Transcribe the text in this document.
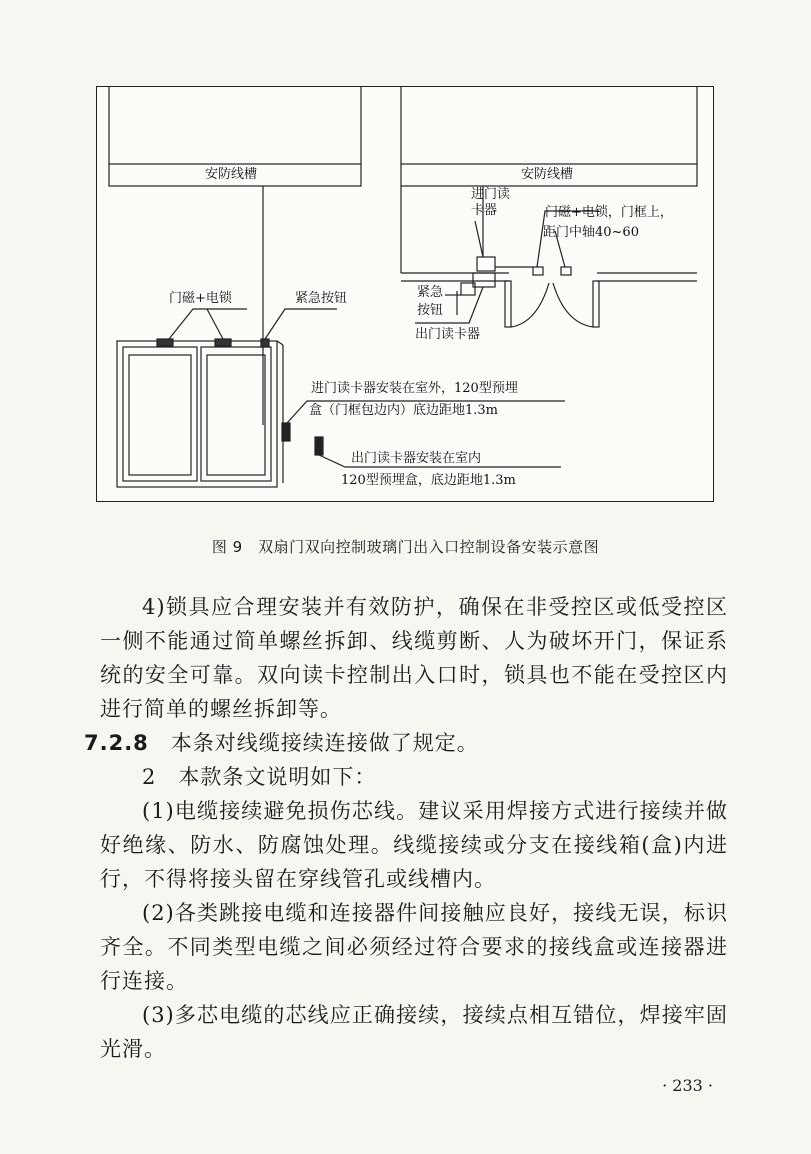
安防线槽
门磁+电锁	紧急按钮
进门读卡器安装在室外，120型预埋
盒（门框包边内）底边距地1.3m
出门读卡器安装在室内
120型预埋盒，底边距地1.3m
安防线槽
进门读
卡器	门磁+电锁，门框上，
距门中轴40~60
紧急
按钮
出门读卡器
图 9　双扇门双向控制玻璃门出入口控制设备安装示意图

4)锁具应合理安装并有效防护，确保在非受控区或低受控区一侧不能通过简单螺丝拆卸、线缆剪断、人为破坏开门，保证系统的安全可靠。双向读卡控制出入口时，锁具也不能在受控区内进行简单的螺丝拆卸等。

7.2.8　本条对线缆接续连接做了规定。

2　本款条文说明如下：

(1)电缆接续避免损伤芯线。建议采用焊接方式进行接续并做好绝缘、防水、防腐蚀处理。线缆接续或分支在接线箱(盒)内进行，不得将接头留在穿线管孔或线槽内。

(2)各类跳接电缆和连接器件间接触应良好，接线无误，标识齐全。不同类型电缆之间必须经过符合要求的接线盒或连接器进行连接。

(3)多芯电缆的芯线应正确接续，接续点相互错位，焊接牢固光滑。

· 233 ·
